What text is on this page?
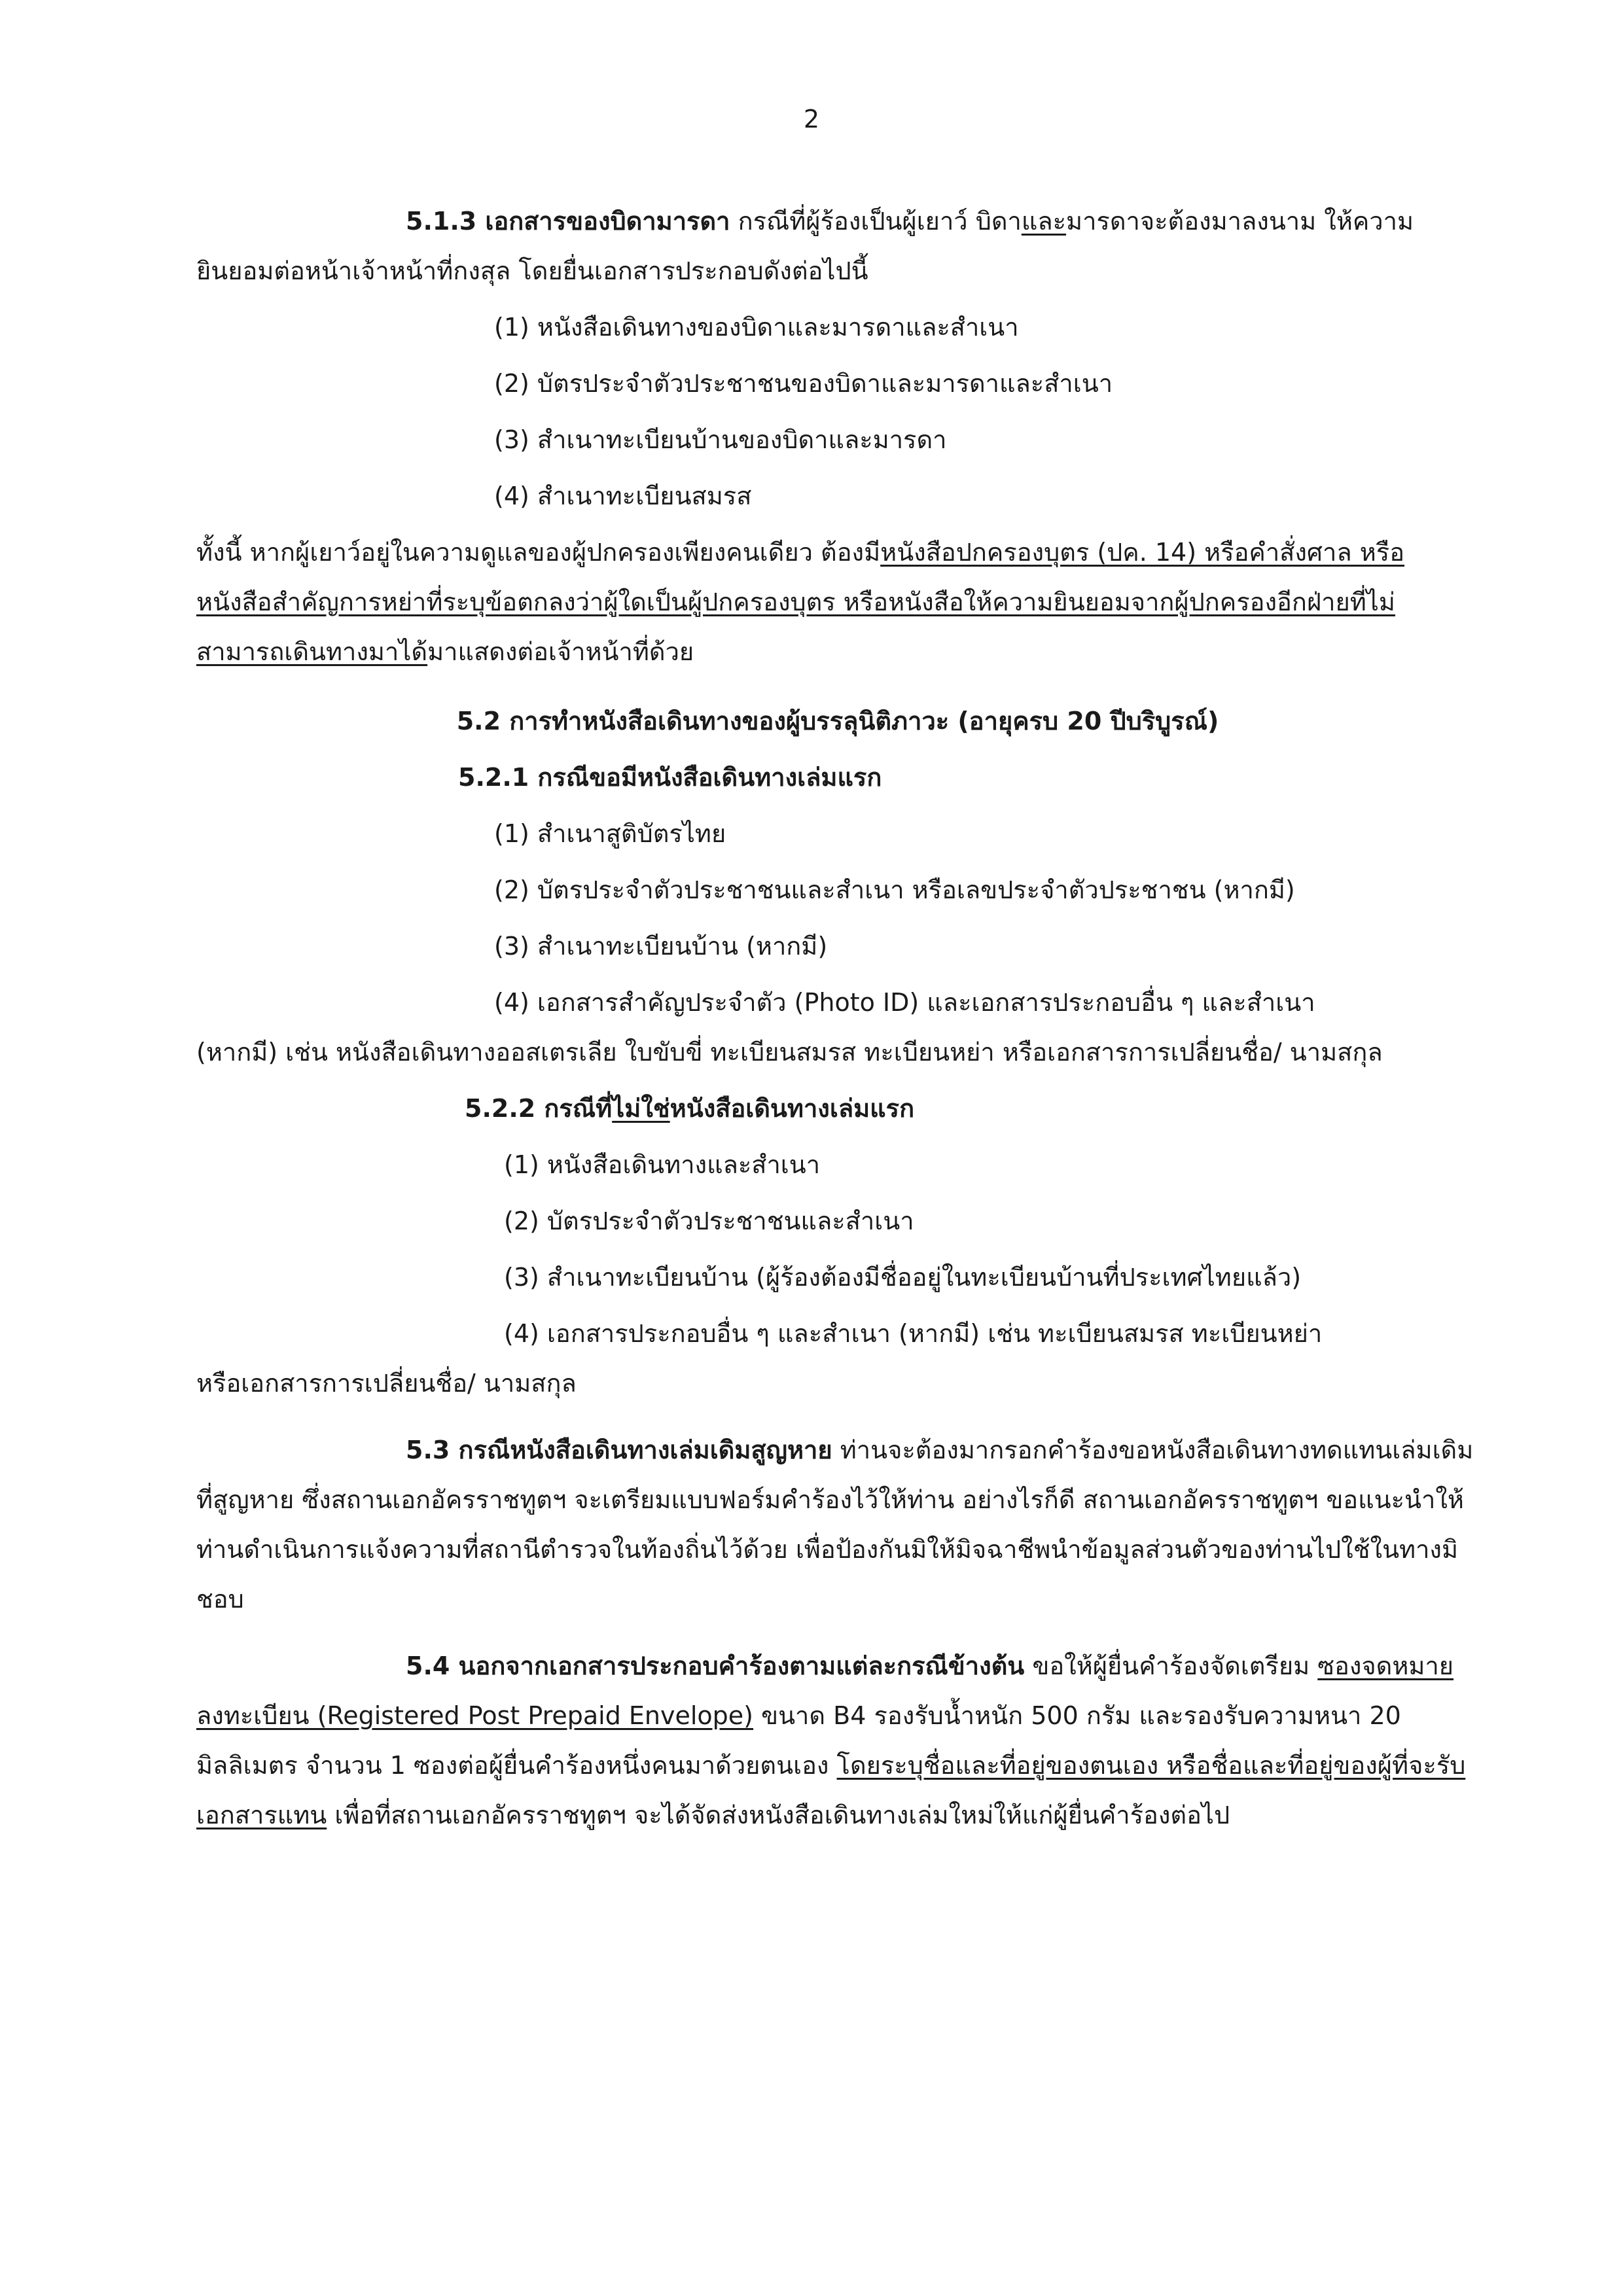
2

5.1.3 เอกสารของบิดามารดา กรณีที่ผู้ร้องเป็นผู้เยาว์ บิดาและมารดาจะต้องมาลงนาม ให้ความยินยอมต่อหน้าเจ้าหน้าที่กงสุล โดยยื่นเอกสารประกอบดังต่อไปนี้

(1) หนังสือเดินทางของบิดาและมารดาและสำเนา

(2) บัตรประจำตัวประชาชนของบิดาและมารดาและสำเนา

(3) สำเนาทะเบียนบ้านของบิดาและมารดา

(4) สำเนาทะเบียนสมรส

ทั้งนี้ หากผู้เยาว์อยู่ในความดูแลของผู้ปกครองเพียงคนเดียว ต้องมีหนังสือปกครองบุตร (ปค. 14) หรือคำสั่งศาล หรือหนังสือสำคัญการหย่าที่ระบุข้อตกลงว่าผู้ใดเป็นผู้ปกครองบุตร หรือหนังสือให้ความยินยอมจากผู้ปกครองอีกฝ่ายที่ไม่สามารถเดินทางมาได้มาแสดงต่อเจ้าหน้าที่ด้วย

5.2 การทำหนังสือเดินทางของผู้บรรลุนิติภาวะ (อายุครบ 20 ปีบริบูรณ์)

5.2.1 กรณีขอมีหนังสือเดินทางเล่มแรก

(1) สำเนาสูติบัตรไทย

(2) บัตรประจำตัวประชาชนและสำเนา หรือเลขประจำตัวประชาชน (หากมี)

(3) สำเนาทะเบียนบ้าน (หากมี)

(4) เอกสารสำคัญประจำตัว (Photo ID) และเอกสารประกอบอื่น ๆ และสำเนา

(หากมี) เช่น หนังสือเดินทางออสเตรเลีย ใบขับขี่ ทะเบียนสมรส ทะเบียนหย่า หรือเอกสารการเปลี่ยนชื่อ/ นามสกุล

5.2.2 กรณีที่ไม่ใช่หนังสือเดินทางเล่มแรก

(1) หนังสือเดินทางและสำเนา

(2) บัตรประจำตัวประชาชนและสำเนา

(3) สำเนาทะเบียนบ้าน (ผู้ร้องต้องมีชื่ออยู่ในทะเบียนบ้านที่ประเทศไทยแล้ว)

(4) เอกสารประกอบอื่น ๆ และสำเนา (หากมี) เช่น ทะเบียนสมรส ทะเบียนหย่า

หรือเอกสารการเปลี่ยนชื่อ/ นามสกุล

5.3 กรณีหนังสือเดินทางเล่มเดิมสูญหาย ท่านจะต้องมากรอกคำร้องขอหนังสือเดินทางทดแทนเล่มเดิมที่สูญหาย ซึ่งสถานเอกอัครราชทูตฯ จะเตรียมแบบฟอร์มคำร้องไว้ให้ท่าน อย่างไรก็ดี สถานเอกอัครราชทูตฯ ขอแนะนำให้ท่านดำเนินการแจ้งความที่สถานีตำรวจในท้องถิ่นไว้ด้วย เพื่อป้องกันมิให้มิจฉาชีพนำข้อมูลส่วนตัวของท่านไปใช้ในทางมิชอบ

5.4 นอกจากเอกสารประกอบคำร้องตามแต่ละกรณีข้างต้น ขอให้ผู้ยื่นคำร้องจัดเตรียม ซองจดหมายลงทะเบียน (Registered Post Prepaid Envelope) ขนาด B4 รองรับน้ำหนัก 500 กรัม และรองรับความหนา 20 มิลลิเมตร จำนวน 1 ซองต่อผู้ยื่นคำร้องหนึ่งคนมาด้วยตนเอง โดยระบุชื่อและที่อยู่ของตนเอง หรือชื่อและที่อยู่ของผู้ที่จะรับเอกสารแทน เพื่อที่สถานเอกอัครราชทูตฯ จะได้จัดส่งหนังสือเดินทางเล่มใหม่ให้แก่ผู้ยื่นคำร้องต่อไป
